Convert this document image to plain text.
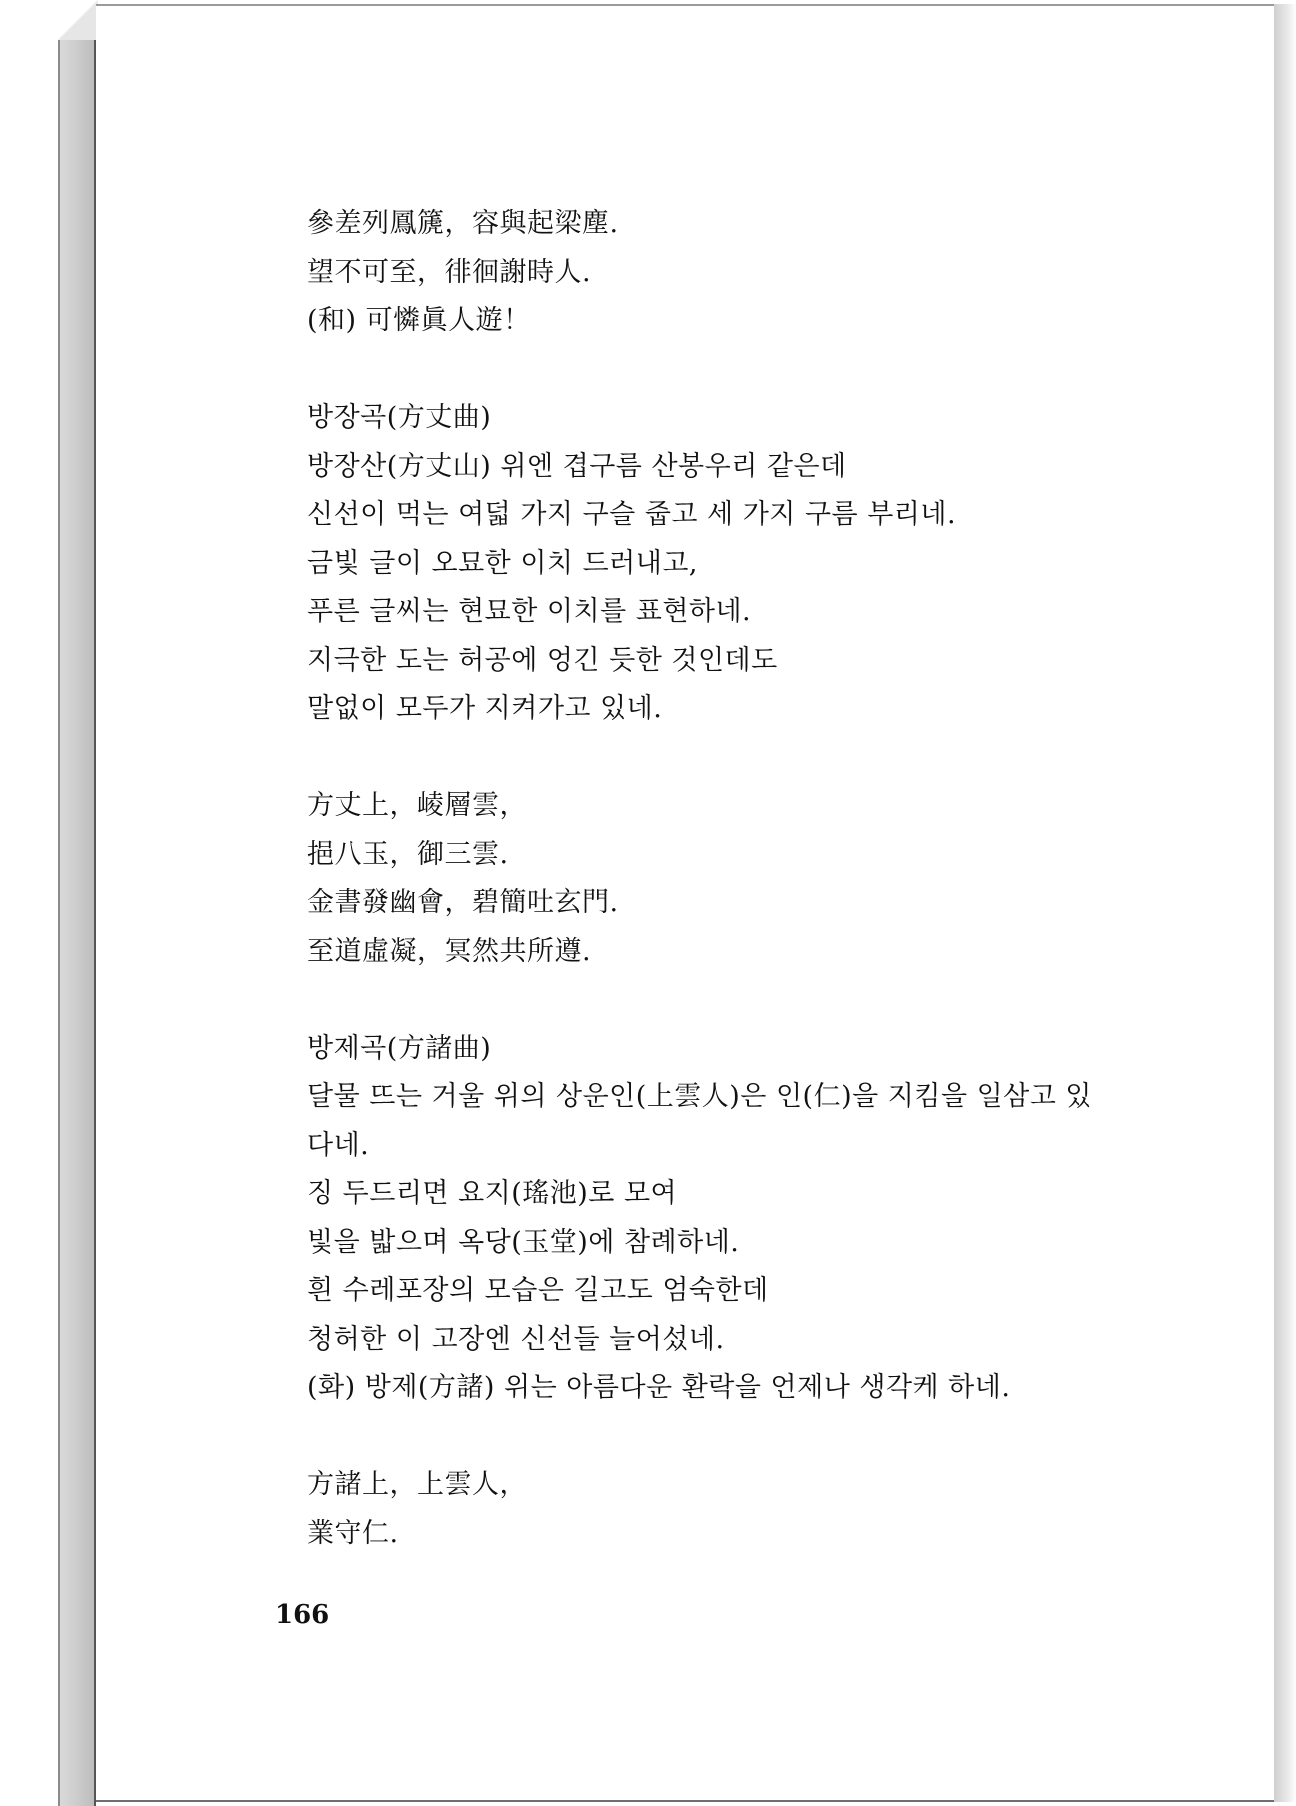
參差列鳳篪，容與起梁塵.
望不可至，徘徊謝時人.
(和) 可憐眞人遊！
방장곡(方丈曲)
방장산(方丈山) 위엔 겹구름 산봉우리 같은데
신선이 먹는 여덟 가지 구슬 줍고 세 가지 구름 부리네.
금빛 글이 오묘한 이치 드러내고,
푸른 글씨는 현묘한 이치를 표현하네.
지극한 도는 허공에 엉긴 듯한 것인데도
말없이 모두가 지켜가고 있네.
方丈上，崚層雲，
挹八玉，御三雲.
金書發幽會，碧簡吐玄門.
至道虛凝，冥然共所遵.
방제곡(方諸曲)
달물 뜨는 거울 위의 상운인(上雲人)은 인(仁)을 지킴을 일삼고 있
다네.
징 두드리면 요지(瑤池)로 모여
빛을 밟으며 옥당(玉堂)에 참례하네.
흰 수레포장의 모습은 길고도 엄숙한데
청허한 이 고장엔 신선들 늘어섰네.
(화) 방제(方諸) 위는 아름다운 환락을 언제나 생각케 하네.
方諸上，上雲人，
業守仁.
166
